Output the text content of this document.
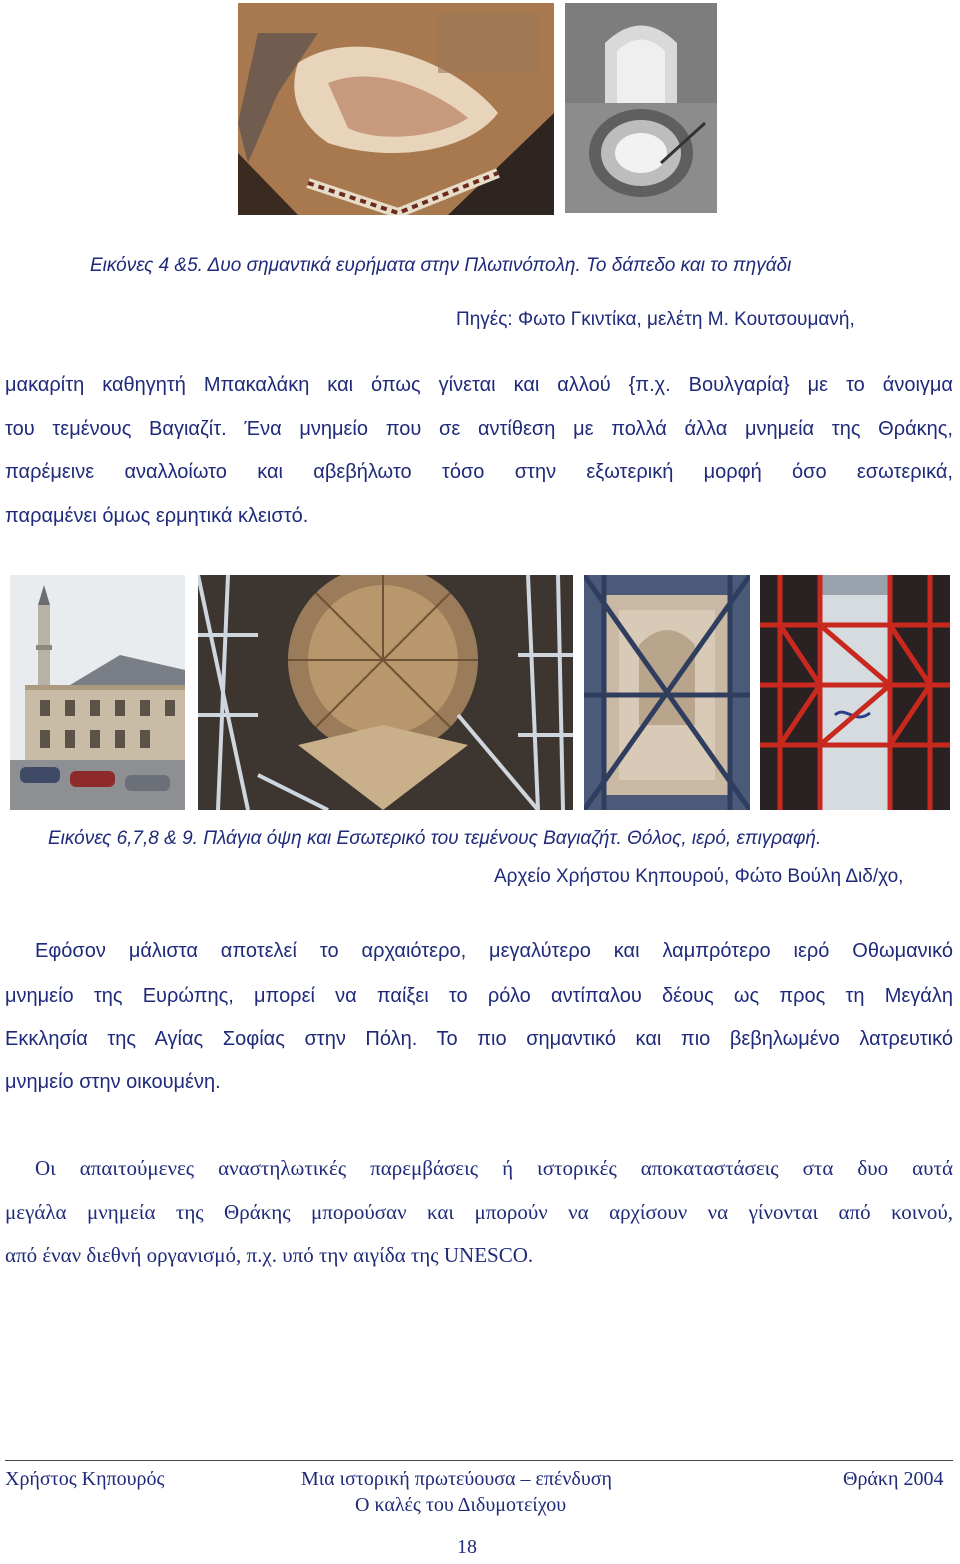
Εικόνες 4 &5. Δυο σημαντικά ευρήματα στην Πλωτινόπολη. Το δάπεδο και το πηγάδι
Πηγές: Φωτο Γκιντίκα, μελέτη Μ. Κουτσουμανή,
μακαρίτη καθηγητή Μπακαλάκη και όπως γίνεται και αλλού {π.χ. Βουλγαρία} με το άνοιγμα
του τεμένους Βαγιαζίτ. Ένα μνημείο που σε αντίθεση με πολλά άλλα μνημεία της Θράκης,
παρέμεινε αναλλοίωτο και αβεβήλωτο τόσο στην εξωτερική μορφή όσο εσωτερικά,
παραμένει όμως ερμητικά κλειστό.
Εικόνες 6,7,8 & 9. Πλάγια όψη και Εσωτερικό του τεμένους Βαγιαζήτ. Θόλος, ιερό, επιγραφή.
Αρχείο Χρήστου Κηπουρού, Φώτο Βούλη Διδ/χο,
Εφόσον μάλιστα αποτελεί το αρχαιότερο, μεγαλύτερο και λαμπρότερο ιερό Οθωμανικό
μνημείο της Ευρώπης, μπορεί να παίξει το ρόλο αντίπαλου δέους ως προς τη Μεγάλη
Εκκλησία της Αγίας Σοφίας στην Πόλη. Το πιο σημαντικό και πιο βεβηλωμένο λατρευτικό
μνημείο στην οικουμένη.
Οι απαιτούμενες αναστηλωτικές παρεμβάσεις ή ιστορικές αποκαταστάσεις στα δυο αυτά
μεγάλα μνημεία της Θράκης μπορούσαν και μπορούν να αρχίσουν να γίνονται από κοινού,
από έναν διεθνή οργανισμό, π.χ. υπό την αιγίδα της UNESCO.
Χρήστος Κηπουρός	Μια ιστορική πρωτεύουσα – επένδυση
Ο καλές του Διδυμοτείχου
Θράκη 2004
18
